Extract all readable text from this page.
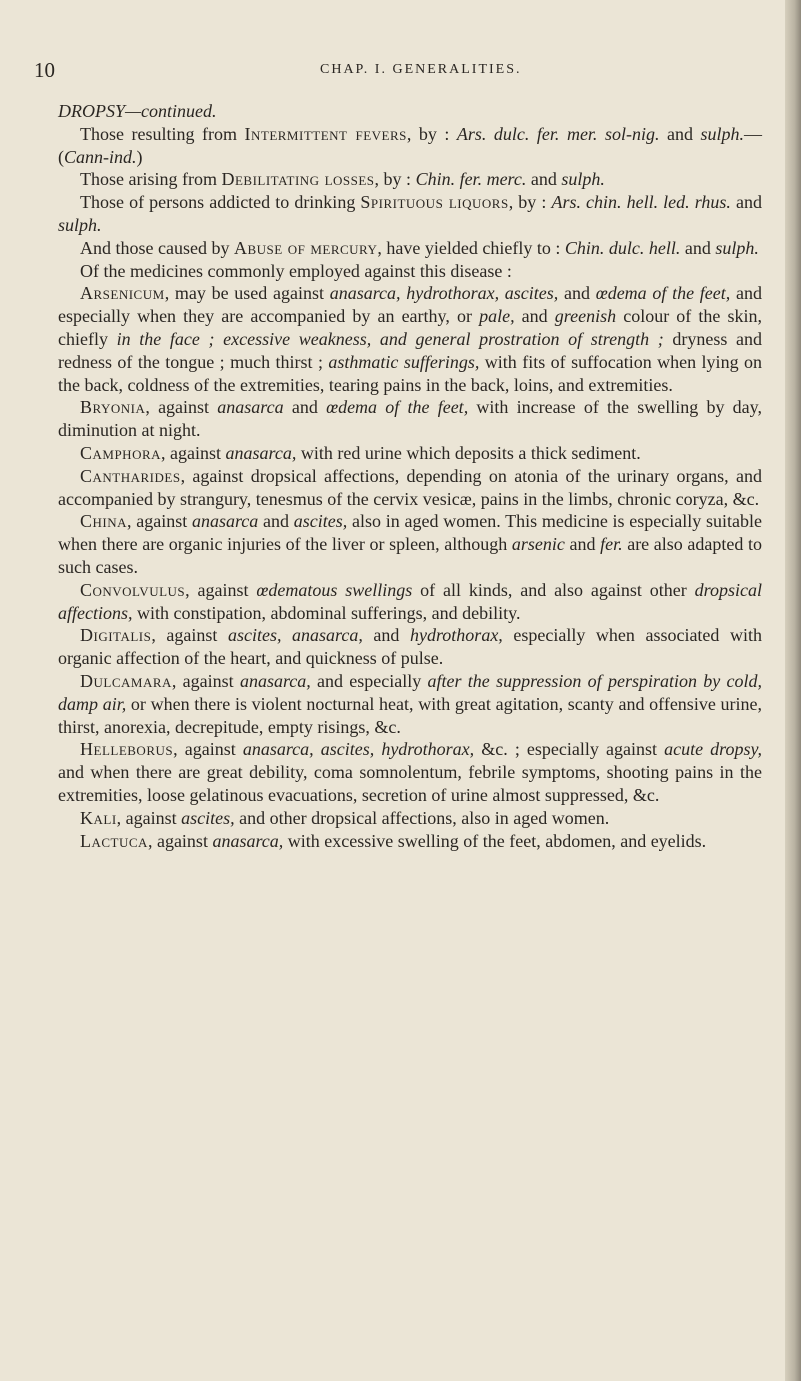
10	CHAP. I. GENERALITIES.

DROPSY—continued.

Those resulting from Intermittent fevers, by : Ars. dulc. fer. mer. sol-nig. and sulph.—(Cann-ind.)

Those arising from Debilitating losses, by : Chin. fer. merc. and sulph.

Those of persons addicted to drinking Spirituous liquors, by : Ars. chin. hell. led. rhus. and sulph.

And those caused by Abuse of mercury, have yielded chiefly to : Chin. dulc. hell. and sulph.

Of the medicines commonly employed against this disease :

Arsenicum, may be used against anasarca, hydrothorax, ascites, and œdema of the feet, and especially when they are accompanied by an earthy, or pale, and greenish colour of the skin, chiefly in the face ; excessive weakness, and general prostration of strength ; dryness and redness of the tongue ; much thirst ; asthmatic sufferings, with fits of suffocation when lying on the back, coldness of the extremities, tearing pains in the back, loins, and extremities.

Bryonia, against anasarca and œdema of the feet, with increase of the swelling by day, diminution at night.

Camphora, against anasarca, with red urine which deposits a thick sediment.

Cantharides, against dropsical affections, depending on atonia of the urinary organs, and accompanied by strangury, tenesmus of the cervix vesicæ, pains in the limbs, chronic coryza, &c.

China, against anasarca and ascites, also in aged women. This medicine is especially suitable when there are organic injuries of the liver or spleen, although arsenic and fer. are also adapted to such cases.

Convolvulus, against œdematous swellings of all kinds, and also against other dropsical affections, with constipation, abdominal sufferings, and debility.

Digitalis, against ascites, anasarca, and hydrothorax, especially when associated with organic affection of the heart, and quickness of pulse.

Dulcamara, against anasarca, and especially after the suppression of perspiration by cold, damp air, or when there is violent nocturnal heat, with great agitation, scanty and offensive urine, thirst, anorexia, decrepitude, empty risings, &c.

Helleborus, against anasarca, ascites, hydrothorax, &c. ; especially against acute dropsy, and when there are great debility, coma somnolentum, febrile symptoms, shooting pains in the extremities, loose gelatinous evacuations, secretion of urine almost suppressed, &c.

Kali, against ascites, and other dropsical affections, also in aged women.

Lactuca, against anasarca, with excessive swelling of the feet, abdomen, and eyelids.
